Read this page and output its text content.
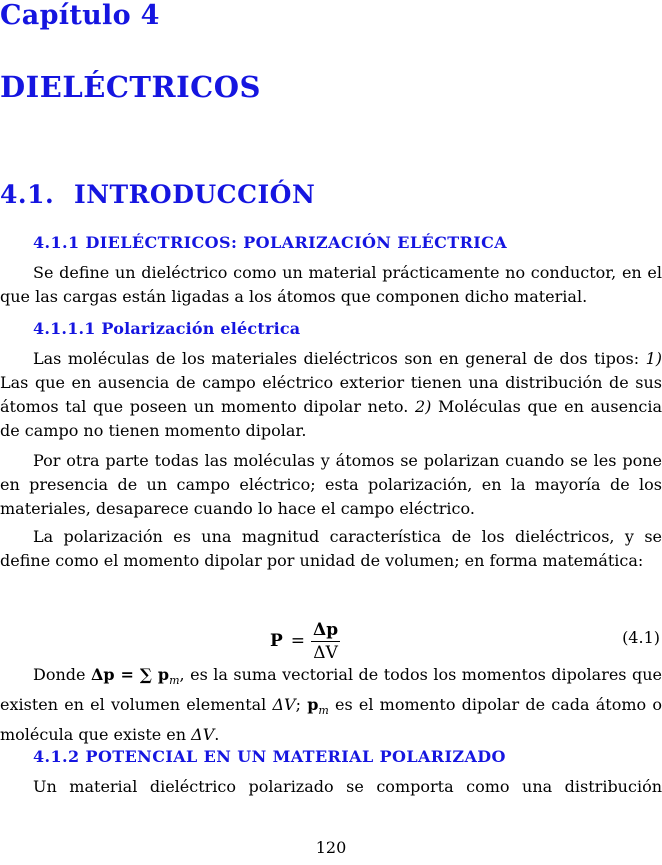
Capítulo 4
DIELÉCTRICOS
4.1. INTRODUCCIÓN
4.1.1 DIELÉCTRICOS: POLARIZACIÓN ELÉCTRICA

Se define un dieléctrico como un material prácticamente no conductor, en el que las cargas están ligadas a los átomos que componen dicho material.

4.1.1.1 Polarización eléctrica

Las moléculas de los materiales dieléctricos son en general de dos tipos: 1) Las que en ausencia de campo eléctrico exterior tienen una distribución de sus átomos tal que poseen un momento dipolar neto. 2) Moléculas que en ausencia de campo no tienen momento dipolar.

Por otra parte todas las moléculas y átomos se polarizan cuando se les pone en presencia de un campo eléctrico; esta polarización, en la mayoría de los materiales, desaparece cuando lo hace el campo eléctrico.

La polarización es una magnitud característica de los dieléctricos, y se define como el momento dipolar por unidad de volumen; en forma matemática:

$P = \frac{\Delta p}{\Delta V}$	(4.1)

Donde Δp = ∑ $p_m$, es la suma vectorial de todos los momentos dipolares que existen en el volumen elemental ΔV; $p_m$ es el momento dipolar de cada átomo o molécula que existe en ΔV.

4.1.2 POTENCIAL EN UN MATERIAL POLARIZADO

Un material dieléctrico polarizado se comporta como una distribución

120
